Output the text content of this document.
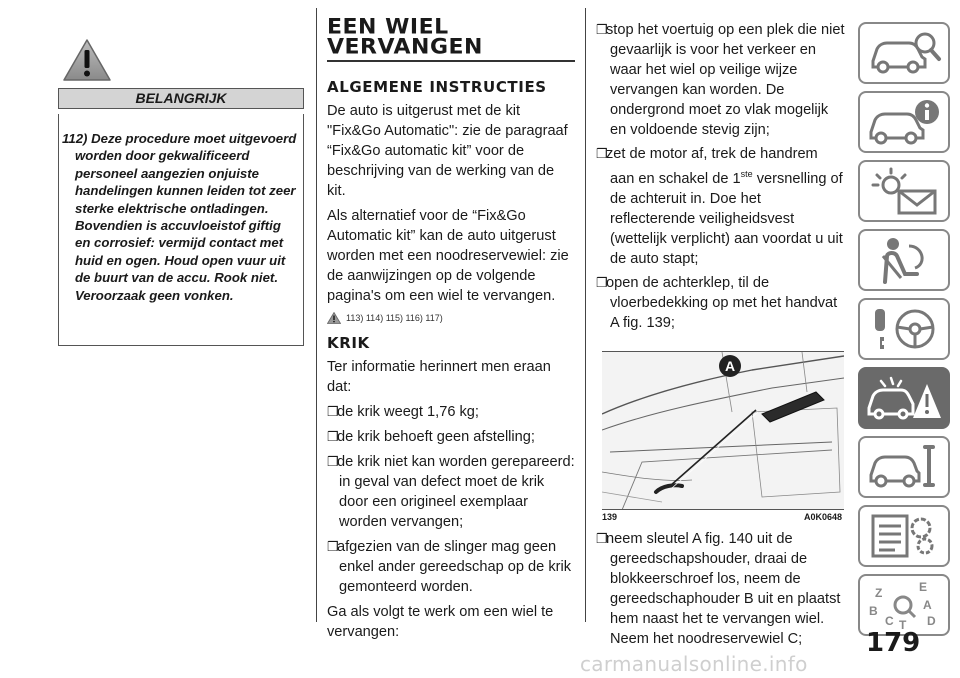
BELANGRIJK
112) Deze procedure moet uitgevoerd worden door gekwalificeerd personeel aangezien onjuiste handelingen kunnen leiden tot zeer sterke elektrische ontladingen. Bovendien is accuvloeistof giftig en corrosief: vermijd contact met huid en ogen. Houd open vuur uit de buurt van de accu. Rook niet. Veroorzaak geen vonken.
EEN WIEL
VERVANGEN
ALGEMENE INSTRUCTIES

De auto is uitgerust met de kit "Fix&Go Automatic": zie de paragraaf “Fix&Go automatic kit” voor de beschrijving van de werking van de kit.

Als alternatief voor de “Fix&Go Automatic kit” kan de auto uitgerust worden met een noodreservewiel: zie de aanwijzingen op de volgende pagina's om een wiel te vervangen.

113) 114) 115) 116) 117)
KRIK

Ter informatie herinnert men eraan dat:

❒de krik weegt 1,76 kg;

❒de krik behoeft geen afstelling;

❒de krik niet kan worden gerepareerd: in geval van defect moet de krik door een origineel exemplaar worden vervangen;

❒afgezien van de slinger mag geen enkel ander gereedschap op de krik gemonteerd worden.

Ga als volgt te werk om een wiel te vervangen:

❒stop het voertuig op een plek die niet gevaarlijk is voor het verkeer en waar het wiel op veilige wijze vervangen kan worden. De ondergrond moet zo vlak mogelijk en voldoende stevig zijn;

❒zet de motor af, trek de handrem aan en schakel de 1ste versnelling of de achteruit in. Doe het reflecterende veiligheidsvest (wettelijk verplicht) aan voordat u uit de auto stapt;

❒open de achterklep, til de vloerbedekking op met het handvat A fig. 139;

A
139	A0K0648

❒neem sleutel A fig. 140 uit de gereedschapshouder, draai de blokkeerschroef los, neem de gereedschaphouder B uit en plaatst hem naast het te vervangen wiel. Neem het noodreservewiel C;

Z	E
B	A
C T D
179
carmanualsonline.info
